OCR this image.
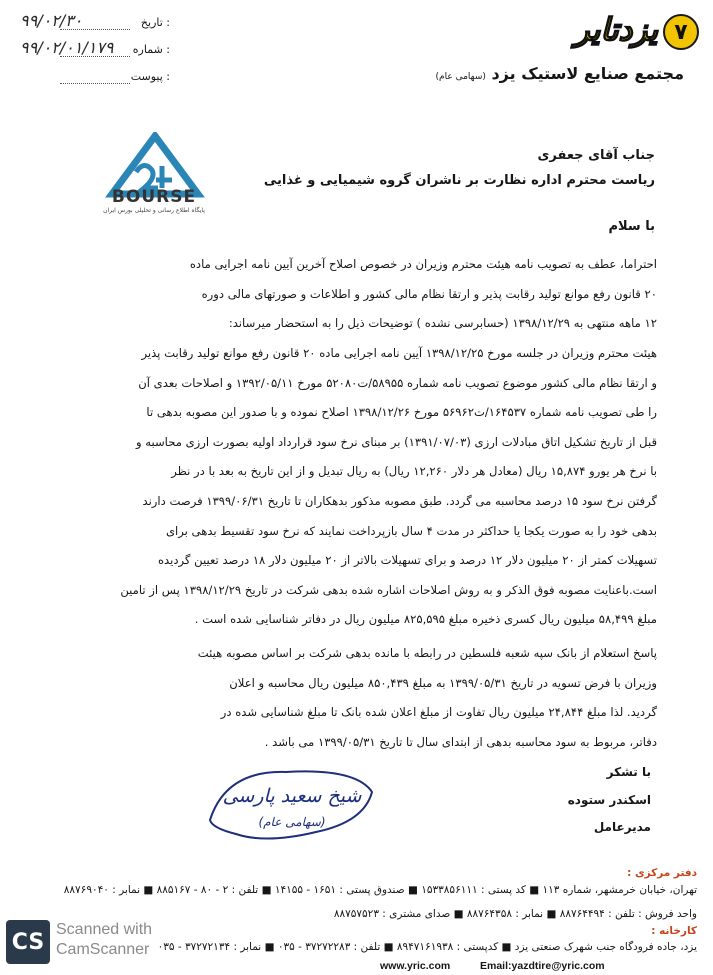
۷
یزدتایر
مجتمع صنایع لاستیک یزد (سهامی عام)
تاریخ :
۹۹/۰۲/۳۰
شماره :
۹۹/۰۲/۰۱/۱۷۹
پیوست :
BOURSE
پایگاه اطلاع رسانی و تحلیلی بورس ایران
جناب آقای جعفری
ریاست محترم اداره نظارت بر ناشران گروه شیمیایی و غذایی
با سلام
احتراما، عطف به تصویب نامه هیئت محترم وزیران در خصوص اصلاح آخرین آیین نامه اجرایی ماده
۲۰ قانون رفع موانع تولید رقابت پذیر و ارتقا نظام مالی کشور و اطلاعات و صورتهای مالی دوره
۱۲ ماهه منتهی به ۱۳۹۸/۱۲/۲۹ (حسابرسی نشده ) توضیحات ذیل را به استحضار میرساند:
هیئت محترم وزیران در جلسه مورخ ۱۳۹۸/۱۲/۲۵ آیین نامه اجرایی ماده ۲۰ قانون رفع موانع تولید رقابت پذیر
و ارتقا نظام مالی کشور موضوع تصویب نامه شماره ۵۸۹۵۵/ت۵۲۰۸۰ مورخ ۱۳۹۲/۰۵/۱۱ و اصلاحات بعدی آن
را طی تصویب نامه شماره ۱۶۴۵۳۷/ت۵۶۹۶۲ مورخ ۱۳۹۸/۱۲/۲۶ اصلاح نموده و با صدور این مصوبه بدهی تا
قبل از تاریخ تشکیل اتاق مبادلات ارزی (۱۳۹۱/۰۷/۰۳) بر مبنای نرخ سود قرارداد اولیه بصورت ارزی محاسبه و
با نرخ هر یورو ۱۵,۸۷۴ ریال (معادل هر دلار ۱۲,۲۶۰ ریال) به ریال تبدیل و از این تاریخ به بعد با در نظر
گرفتن نرخ سود ۱۵ درصد محاسبه می گردد. طبق مصوبه مذکور بدهکاران تا تاریخ ۱۳۹۹/۰۶/۳۱ فرصت دارند
بدهی خود را به صورت یکجا یا حداکثر در مدت ۴ سال بازپرداخت نمایند که نرخ سود تقسیط بدهی برای
تسهیلات کمتر از ۲۰ میلیون دلار ۱۲ درصد و برای تسهیلات بالاتر از ۲۰ میلیون دلار ۱۸ درصد تعیین گردیده
است.باعنایت مصوبه فوق الذکر و به روش اصلاحات اشاره شده بدهی شرکت در تاریخ ۱۳۹۸/۱۲/۲۹ پس از تامین
مبلغ ۵۸,۴۹۹ میلیون ریال کسری ذخیره مبلغ ۸۲۵,۵۹۵ میلیون ریال در دفاتر شناسایی شده است .
پاسخ استعلام از بانک سپه شعبه فلسطین در رابطه با مانده بدهی شرکت بر اساس مصوبه هیئت
وزیران با فرض تسویه در تاریخ ۱۳۹۹/۰۵/۳۱ به مبلغ ۸۵۰,۴۳۹ میلیون ریال محاسبه و اعلان
گردید. لذا مبلغ ۲۴,۸۴۴ میلیون ریال تفاوت از مبلغ اعلان شده بانک تا مبلغ شناسایی شده در
دفاتر، مربوط به سود محاسبه بدهی از ابتدای سال تا تاریخ ۱۳۹۹/۰۵/۳۱ می باشد .
با تشکر
اسکندر ستوده
مدیرعامل
شیخ سعید پارسی
(سهامی عام)
دفتر مرکزی :
تهران، خیابان خرمشهر، شماره ۱۱۳ ■ کد پستی : ۱۵۳۳۸۵۶۱۱۱ ■ صندوق پستی : ۱۶۵۱ - ۱۴۱۵۵ ■ تلفن : ۲ - ۸۰ - ۸۸۵۱۶۷ ■ نمابر : ۸۸۷۶۹۰۴۰
واحد فروش : تلفن : ۸۸۷۶۴۴۹۴ ■ نمابر : ۸۸۷۶۴۳۵۸ ■ صدای مشتری : ۸۸۷۵۷۵۲۳
کارخانه :
یزد، جاده فرودگاه جنب شهرک صنعتی یزد ■ کدپستی : ۸۹۴۷۱۶۱۹۳۸ ■ تلفن : ۳۷۲۷۲۲۸۳ - ۰۳۵ ■ نمابر : ۳۷۲۷۲۱۳۴ - ۰۳۵
www.yric.com	Email:yazdtire@yric.com
CS Scanned with
CamScanner
